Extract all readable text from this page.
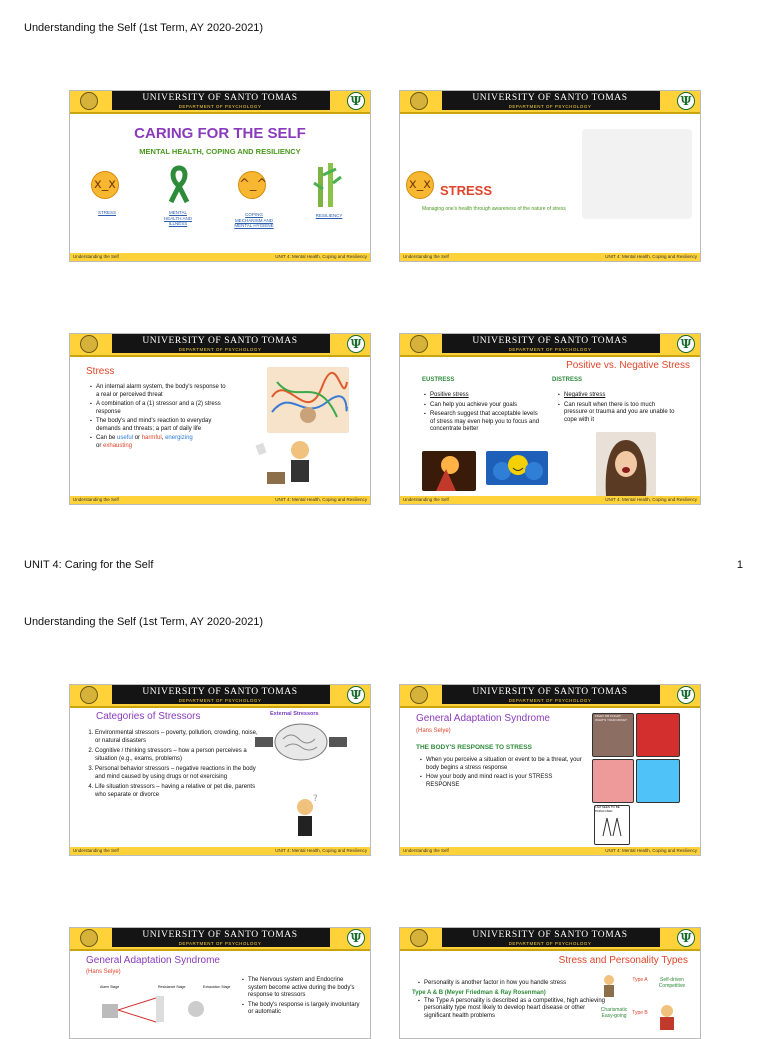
Understanding the Self (1st Term, AY 2020-2021)
UNIT 4: Caring for the Self	1
Understanding the Self (1st Term, AY 2020-2021)
UNIVERSITY OF SANTO TOMAS
DEPARTMENT OF PSYCHOLOGY	Ψ
CARING FOR THE SELF
MENTAL HEALTH, COPING AND RESILIENCY
x_x	^_^
STRESS	MENTAL HEALTH AND ILLNESS
COPING MECHANISM AND MENTAL HYGIENE
RESILIENCY
Understanding the Self	UNIT 4: Mental Health, Coping and Resiliency
UNIVERSITY OF SANTO TOMAS
DEPARTMENT OF PSYCHOLOGY	Ψ
x_x STRESS
Managing one's health through awareness of the nature of stress
Understanding the Self	UNIT 4: Mental Health, Coping and Resiliency
UNIVERSITY OF SANTO TOMAS
DEPARTMENT OF PSYCHOLOGY	Ψ
Stress
▪ An internal alarm system, the body's response to a real or perceived threat
▪ A combination of a (1) stressor and a (2) stress response
▪ The body's and mind's reaction to everyday demands and threats; a part of daily life
▪ Can be useful or harmful, energizing
or exhausting
Understanding the Self	UNIT 4: Mental Health, Coping and Resiliency
UNIVERSITY OF SANTO TOMAS
DEPARTMENT OF PSYCHOLOGY	Ψ
Positive vs. Negative Stress
EUSTRESS	DISTRESS
▪ Positive stress
▪ Can help you achieve your goals
▪ Research suggest that acceptable levels of stress may even help you to focus and concentrate better
▪ Negative stress
▪ Can result when there is too much pressure or trauma and you are unable to cope with it
Understanding the Self	UNIT 4: Mental Health, Coping and Resiliency
UNIVERSITY OF SANTO TOMAS
DEPARTMENT OF PSYCHOLOGY	Ψ
Categories of Stressors
1. Environmental stressors – poverty, pollution, crowding, noise, or natural disasters
2. Cognitive / thinking stressors – how a person perceives a situation (e.g., exams, problems)
3. Personal behavior stressors – negative reactions in the body and mind caused by using drugs or not exercising
4. Life situation stressors – having a relative or pet die, parents who separate or divorce
External Stressors
?
Understanding the Self	UNIT 4: Mental Health, Coping and Resiliency
UNIVERSITY OF SANTO TOMAS
DEPARTMENT OF PSYCHOLOGY	Ψ
General Adaptation Syndrome
(Hans Selye)
THE BODY'S RESPONSE TO STRESS
▪ When you perceive a situation or event to be a threat, your body begins a stress response
▪ How your body and mind react is your STRESS RESPONSE
FIGHT OR FLIGHT: WHAT'S YOUR MOVE?
I AM SEEN TO BE PARALYZED
Understanding the Self	UNIT 4: Mental Health, Coping and Resiliency
UNIVERSITY OF SANTO TOMAS
DEPARTMENT OF PSYCHOLOGY	Ψ
General Adaptation Syndrome
(Hans Selye)
Alarm Stage	Resistance Stage	Exhaustion Stage
▪ The Nervous system and Endocrine system become active during the body's response to stressors
▪ The body's response is largely involuntary or automatic
UNIVERSITY OF SANTO TOMAS
DEPARTMENT OF PSYCHOLOGY	Ψ
Stress and Personality Types
▪ Personality is another factor in how you handle stress
Type A & B (Meyer Friedman & Ray Rosenman)
▪ The Type A personality is described as a competitive, high achieving personality type most likely to develop heart disease or other significant health problems
Type A	Self-driven Competitive
Charismatic Easy-going	Type B
